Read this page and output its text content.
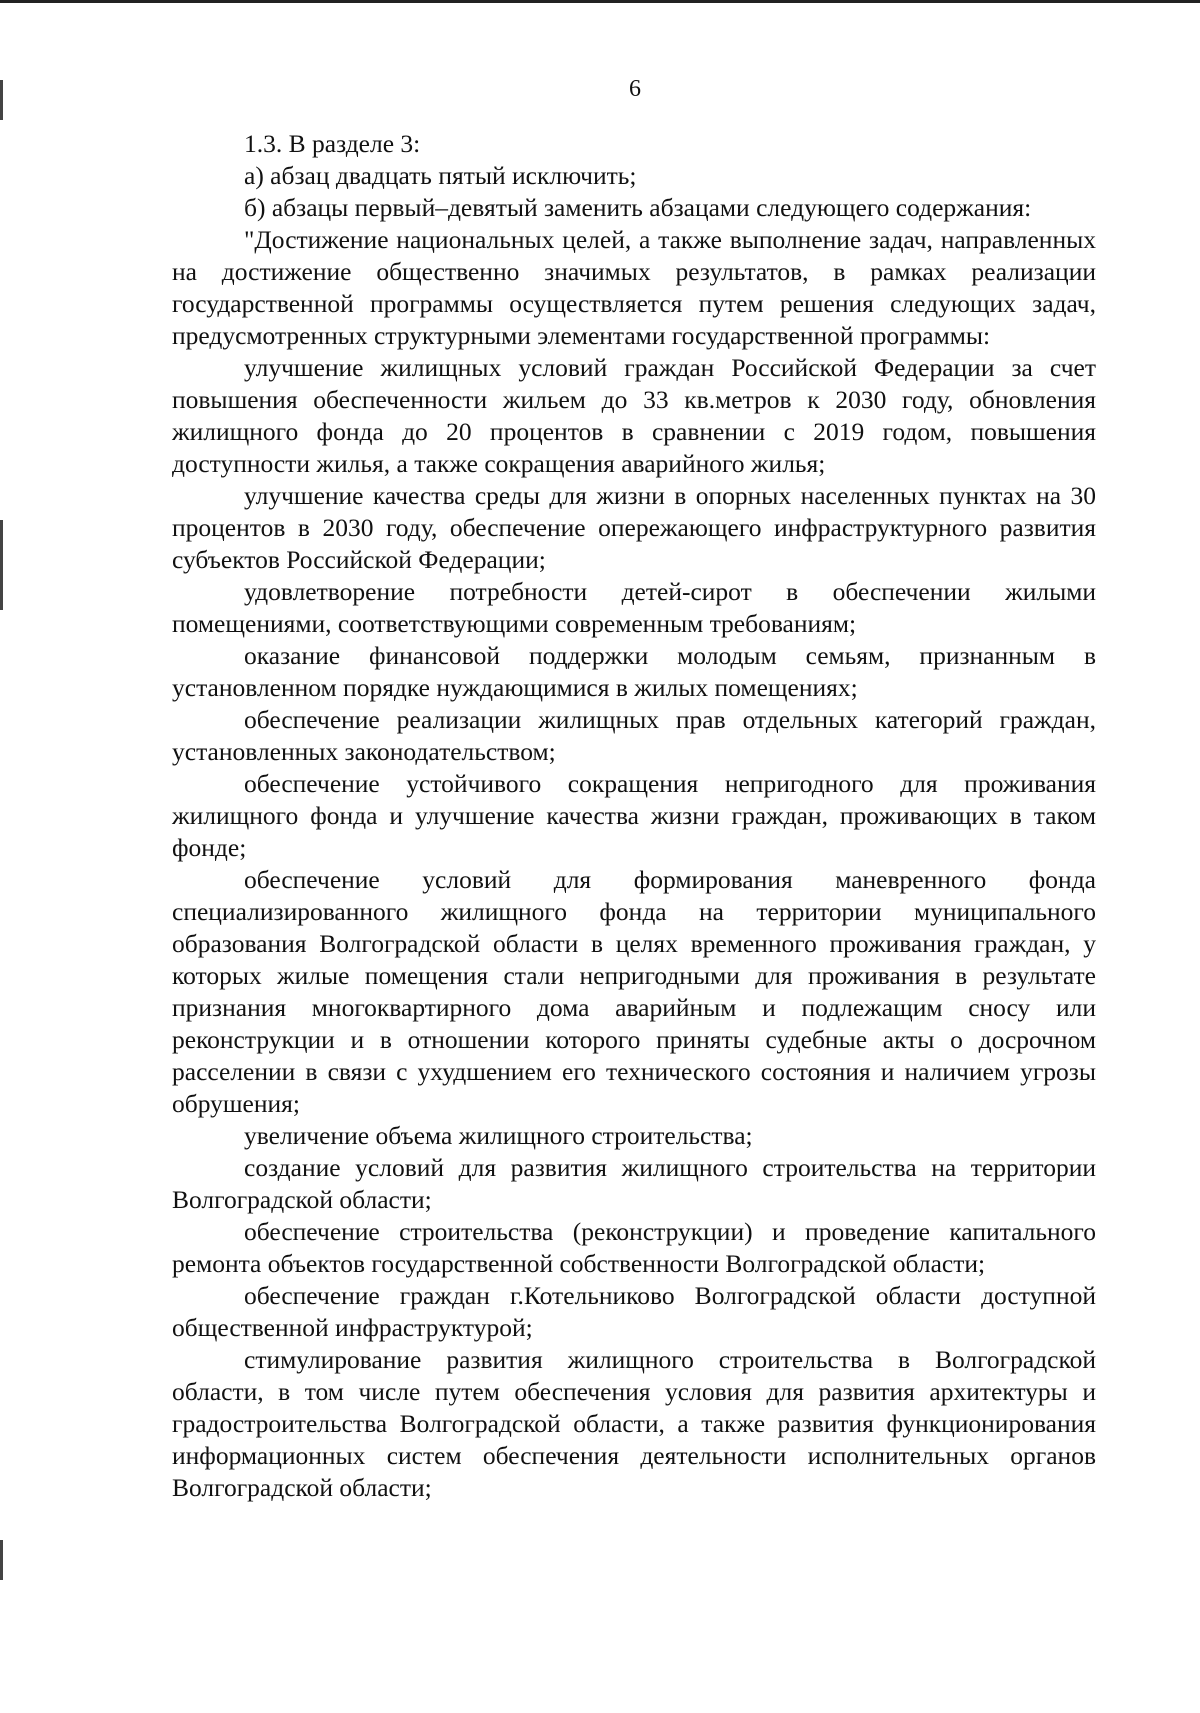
6

1.3. В разделе 3:

а) абзац двадцать пятый исключить;

б) абзацы первый–девятый заменить абзацами следующего содержания:

"Достижение национальных целей, а также выполнение задач, направленных на достижение общественно значимых результатов, в рамках реализации государственной программы осуществляется путем решения следующих задач, предусмотренных структурными элементами государственной программы:

улучшение жилищных условий граждан Российской Федерации за счет повышения обеспеченности жильем до 33 кв.метров к 2030 году, обновления жилищного фонда до 20 процентов в сравнении с 2019 годом, повышения доступности жилья, а также сокращения аварийного жилья;

улучшение качества среды для жизни в опорных населенных пунктах на 30 процентов в 2030 году, обеспечение опережающего инфраструктурного развития субъектов Российской Федерации;

удовлетворение потребности детей-сирот в обеспечении жилыми помещениями, соответствующими современным требованиям;

оказание финансовой поддержки молодым семьям, признанным в установленном порядке нуждающимися в жилых помещениях;

обеспечение реализации жилищных прав отдельных категорий граждан, установленных законодательством;

обеспечение устойчивого сокращения непригодного для проживания жилищного фонда и улучшение качества жизни граждан, проживающих в таком фонде;

обеспечение условий для формирования маневренного фонда специализированного жилищного фонда на территории муниципального образования Волгоградской области в целях временного проживания граждан, у которых жилые помещения стали непригодными для проживания в результате признания многоквартирного дома аварийным и подлежащим сносу или реконструкции и в отношении которого приняты судебные акты о досрочном расселении в связи с ухудшением его технического состояния и наличием угрозы обрушения;

увеличение объема жилищного строительства;

создание условий для развития жилищного строительства на территории Волгоградской области;

обеспечение строительства (реконструкции) и проведение капитального ремонта объектов государственной собственности Волгоградской области;

обеспечение граждан г.Котельниково Волгоградской области доступной общественной инфраструктурой;

стимулирование развития жилищного строительства в Волгоградской области, в том числе путем обеспечения условия для развития архитектуры и градостроительства Волгоградской области, а также развития функционирования информационных систем обеспечения деятельности исполнительных органов Волгоградской области;
